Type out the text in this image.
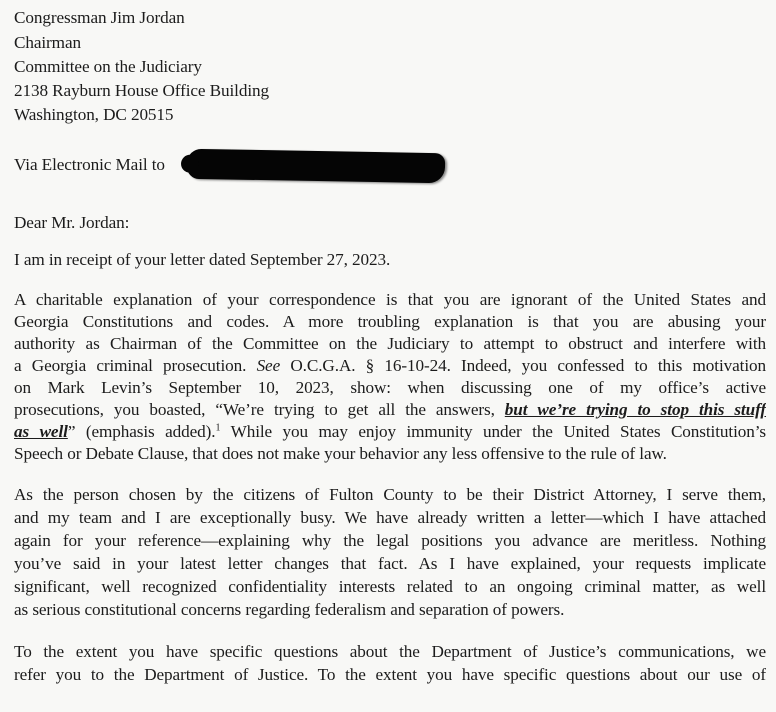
Congressman Jim Jordan
Chairman
Committee on the Judiciary
2138 Rayburn House Office Building
Washington, DC 20515
Via Electronic Mail to
Dear Mr. Jordan:
I am in receipt of your letter dated September 27, 2023.
A charitable explanation of your correspondence is that you are ignorant of the United States and
Georgia Constitutions and codes. A more troubling explanation is that you are abusing your
authority as Chairman of the Committee on the Judiciary to attempt to obstruct and interfere with
a Georgia criminal prosecution. See O.C.G.A. § 16-10-24. Indeed, you confessed to this motivation
on Mark Levin’s September 10, 2023, show: when discussing one of my office’s active
prosecutions, you boasted, “We’re trying to get all the answers, but we’re trying to stop this stuff
as well” (emphasis added).$^1$ While you may enjoy immunity under the United States Constitution’s
Speech or Debate Clause, that does not make your behavior any less offensive to the rule of law.
As the person chosen by the citizens of Fulton County to be their District Attorney, I serve them,
and my team and I are exceptionally busy. We have already written a letter—which I have attached
again for your reference—explaining why the legal positions you advance are meritless. Nothing
you’ve said in your latest letter changes that fact. As I have explained, your requests implicate
significant, well recognized confidentiality interests related to an ongoing criminal matter, as well
as serious constitutional concerns regarding federalism and separation of powers.
To the extent you have specific questions about the Department of Justice’s communications, we
refer you to the Department of Justice. To the extent you have specific questions about our use of
